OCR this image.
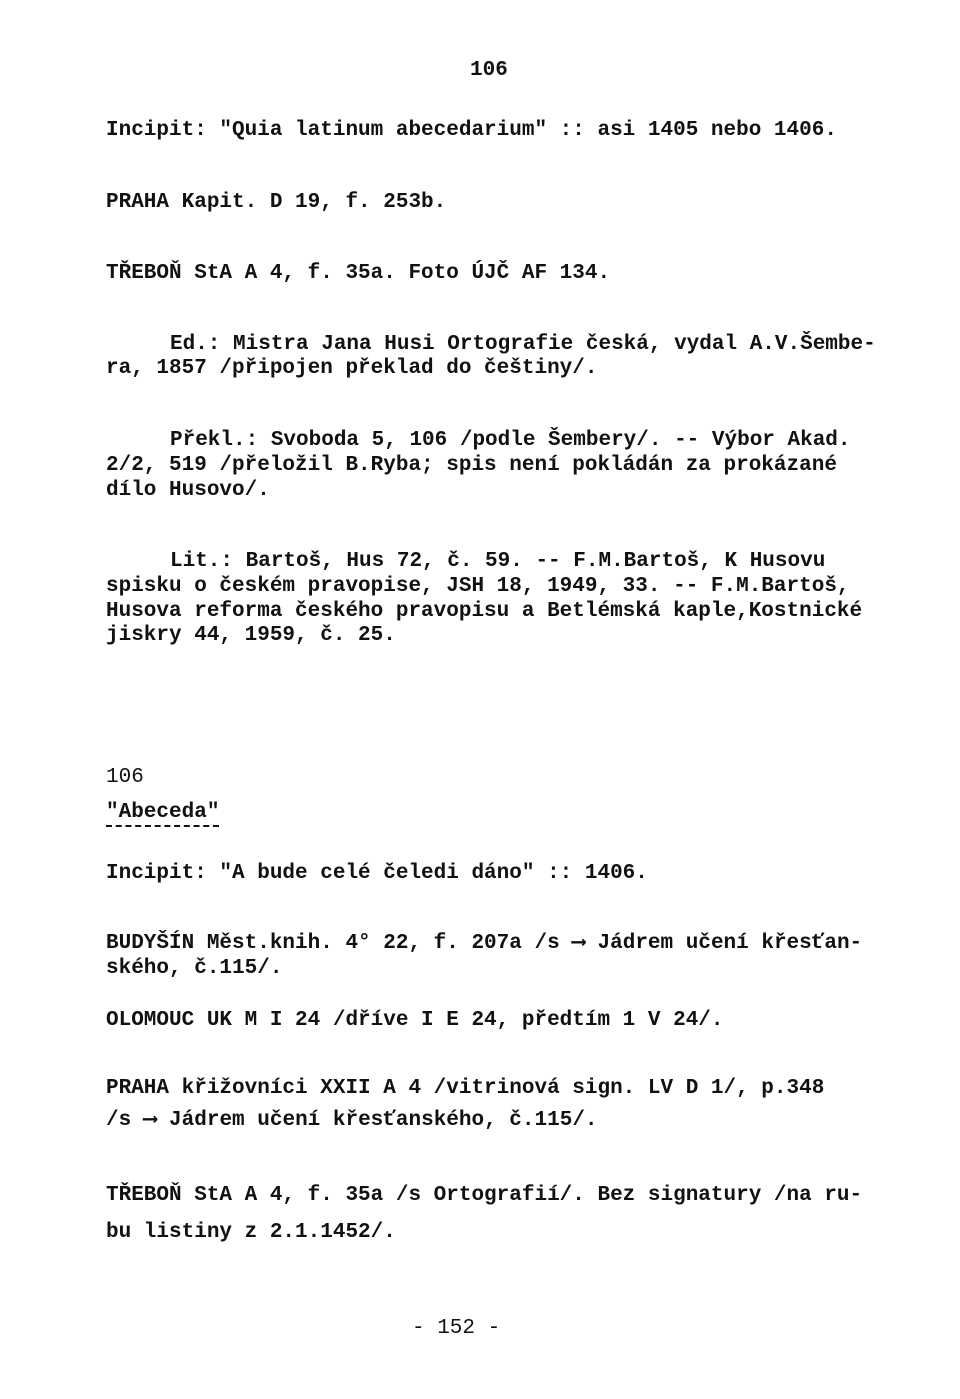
106
Incipit: "Quia latinum abecedarium" :: asi 1405 nebo 1406.
PRAHA Kapit. D 19, f. 253b.
TŘEBOŇ StA A 4, f. 35a. Foto ÚJČ AF 134.
Ed.: Mistra Jana Husi Ortografie česká, vydal A.V.Šembe-
ra, 1857 /připojen překlad do češtiny/.
Překl.: Svoboda 5, 106 /podle Šembery/. -- Výbor Akad.
2/2, 519 /přeložil B.Ryba; spis není pokládán za prokázané
dílo Husovo/.
Lit.: Bartoš, Hus 72, č. 59. -- F.M.Bartoš, K Husovu
spisku o českém pravopise, JSH 18, 1949, 33. -- F.M.Bartoš,
Husova reforma českého pravopisu a Betlémská kaple,Kostnické
jiskry 44, 1959, č. 25.
106
"Abeceda"
Incipit: "A bude celé čeledi dáno" :: 1406.
BUDYŠÍN Měst.knih. 4° 22, f. 207a /s ⟶ Jádrem učení křesťan-
ského, č.115/.
OLOMOUC UK M I 24 /dříve I E 24, předtím 1 V 24/.
PRAHA křižovníci XXII A 4 /vitrinová sign. LV D 1/, p.348
/s ⟶ Jádrem učení křesťanského, č.115/.
TŘEBOŇ StA A 4, f. 35a /s Ortografií/. Bez signatury /na ru-
bu listiny z 2.1.1452/.
- 152 -
